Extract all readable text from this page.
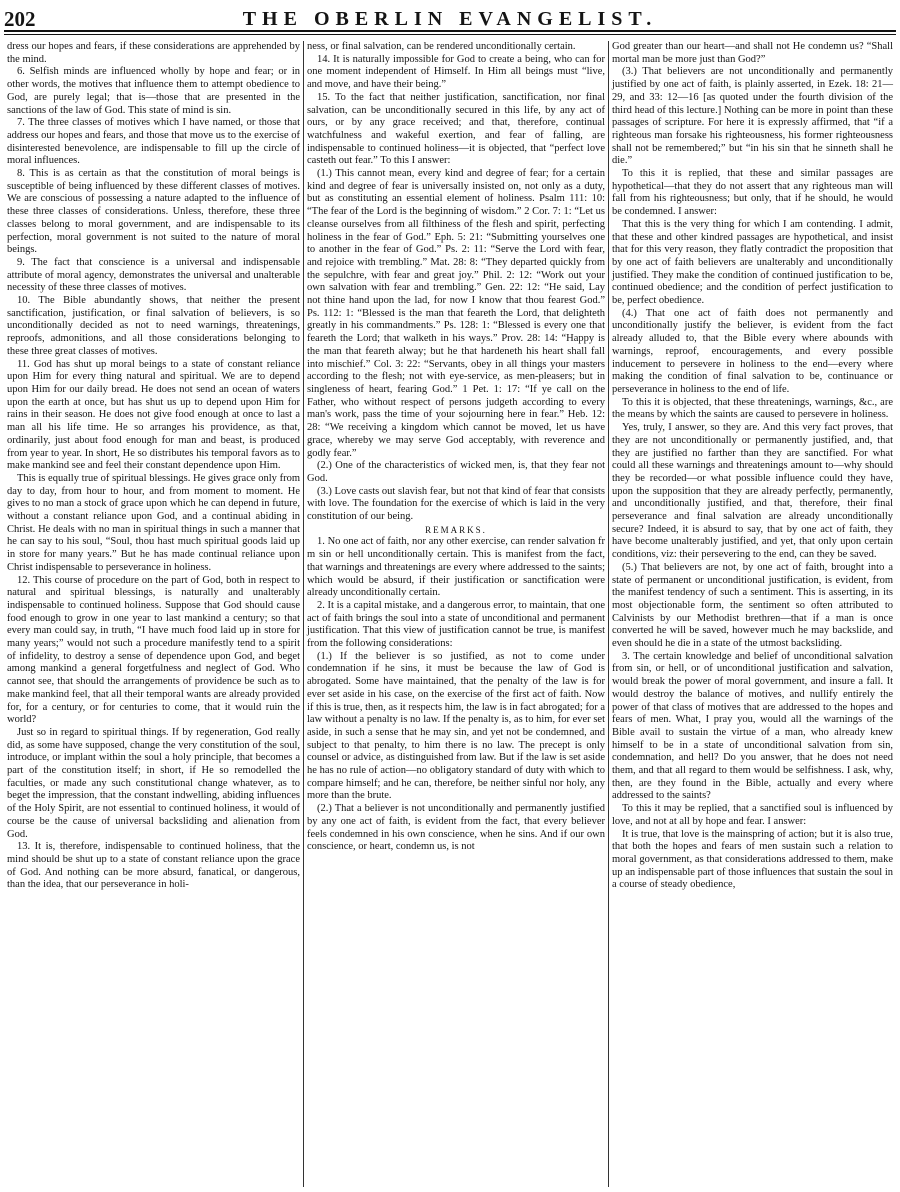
202	THE OBERLIN EVANGELIST.

dress our hopes and fears, if these considerations are apprehended by the mind.

6. Selfish minds are influenced wholly by hope and fear; or in other words, the motives that influence them to attempt obedience to God, are purely legal; that is—those that are presented in the sanctions of the law of God. This state of mind is sin.

7. The three classes of motives which I have named, or those that address our hopes and fears, and those that move us to the exercise of disinterested benevolence, are indispensable to fill up the circle of moral influences.

8. This is as certain as that the constitution of moral beings is susceptible of being influenced by these different classes of motives. We are conscious of possessing a nature adapted to the influence of these three classes of considerations. Unless, therefore, these three classes belong to moral government, and are indispensable to its perfection, moral government is not suited to the nature of moral beings.

9. The fact that conscience is a universal and indispensable attribute of moral agency, demonstrates the universal and unalterable necessity of these three classes of motives.

10. The Bible abundantly shows, that neither the present sanctification, justification, or final salvation of believers, is so unconditionally decided as not to need warnings, threatenings, reproofs, admonitions, and all those considerations belonging to these three great classes of motives.

11. God has shut up moral beings to a state of constant reliance upon Him for every thing natural and spiritual. We are to depend upon Him for our daily bread. He does not send an ocean of waters upon the earth at once, but has shut us up to depend upon Him for rains in their season. He does not give food enough at once to last a man all his life time. He so arranges his providence, as that, ordinarily, just about food enough for man and beast, is produced from year to year. In short, He so distributes his temporal favors as to make mankind see and feel their constant dependence upon Him.

This is equally true of spiritual blessings. He gives grace only from day to day, from hour to hour, and from moment to moment. He gives to no man a stock of grace upon which he can depend in future, without a constant reliance upon God, and a continual abiding in Christ. He deals with no man in spiritual things in such a manner that he can say to his soul, “Soul, thou hast much spiritual goods laid up in store for many years.” But he has made continual reliance upon Christ indispensable to perseverance in holiness.

12. This course of procedure on the part of God, both in respect to natural and spiritual blessings, is naturally and unalterably indispensable to continued holiness. Suppose that God should cause food enough to grow in one year to last mankind a century; so that every man could say, in truth, “I have much food laid up in store for many years;” would not such a procedure manifestly tend to a spirit of infidelity, to destroy a sense of dependence upon God, and beget among mankind a general forgetfulness and neglect of God. Who cannot see, that should the arrangements of providence be such as to make mankind feel, that all their temporal wants are already provided for, for a century, or for centuries to come, that it would ruin the world?

Just so in regard to spiritual things. If by regeneration, God really did, as some have supposed, change the very constitution of the soul, introduce, or implant within the soul a holy principle, that becomes a part of the constitution itself; in short, if He so remodelled the faculties, or made any such constitutional change whatever, as to beget the impression, that the constant indwelling, abiding influences of the Holy Spirit, are not essential to continued holiness, it would of course be the cause of universal backsliding and alienation from God.

13. It is, therefore, indispensable to continued holiness, that the mind should be shut up to a state of constant reliance upon the grace of God. And nothing can be more absurd, fanatical, or dangerous, than the idea, that our perseverance in holi-

ness, or final salvation, can be rendered unconditionally certain.

14. It is naturally impossible for God to create a being, who can for one moment independent of Himself. In Him all beings must “live, and move, and have their being.”

15. To the fact that neither justification, sanctification, nor final salvation, can be unconditionally secured in this life, by any act of ours, or by any grace received; and that, therefore, continual watchfulness and wakeful exertion, and fear of falling, are indispensable to continued holiness—it is objected, that “perfect love casteth out fear.” To this I answer:

(1.) This cannot mean, every kind and degree of fear; for a certain kind and degree of fear is universally insisted on, not only as a duty, but as constituting an essential element of holiness. Psalm 111: 10: “The fear of the Lord is the beginning of wisdom.” 2 Cor. 7: 1: “Let us cleanse ourselves from all filthiness of the flesh and spirit, perfecting holiness in the fear of God.” Eph. 5: 21: “Submitting yourselves one to another in the fear of God.” Ps. 2: 11: “Serve the Lord with fear, and rejoice with trembling.” Mat. 28: 8: “They departed quickly from the sepulchre, with fear and great joy.” Phil. 2: 12: “Work out your own salvation with fear and trembling.” Gen. 22: 12: “He said, Lay not thine hand upon the lad, for now I know that thou fearest God.” Ps. 112: 1: “Blessed is the man that feareth the Lord, that delighteth greatly in his commandments.” Ps. 128: 1: “Blessed is every one that feareth the Lord; that walketh in his ways.” Prov. 28: 14: “Happy is the man that feareth alway; but he that hardeneth his heart shall fall into mischief.” Col. 3: 22: “Servants, obey in all things your masters according to the flesh; not with eye-service, as men-pleasers; but in singleness of heart, fearing God.” 1 Pet. 1: 17: “If ye call on the Father, who without respect of persons judgeth according to every man's work, pass the time of your sojourning here in fear.” Heb. 12: 28: “We receiving a kingdom which cannot be moved, let us have grace, whereby we may serve God acceptably, with reverence and godly fear.”

(2.) One of the characteristics of wicked men, is, that they fear not God.

(3.) Love casts out slavish fear, but not that kind of fear that consists with love. The foundation for the exercise of which is laid in the very constitution of our being.

REMARKS.

1. No one act of faith, nor any other exercise, can render salvation fr m sin or hell unconditionally certain. This is manifest from the fact, that warnings and threatenings are every where addressed to the saints; which would be absurd, if their justification or sanctification were already unconditionally certain.

2. It is a capital mistake, and a dangerous error, to maintain, that one act of faith brings the soul into a state of unconditional and permanent justification. That this view of justification cannot be true, is manifest from the following considerations:

(1.) If the believer is so justified, as not to come under condemnation if he sins, it must be because the law of God is abrogated. Some have maintained, that the penalty of the law is for ever set aside in his case, on the exercise of the first act of faith. Now if this is true, then, as it respects him, the law is in fact abrogated; for a law without a penalty is no law. If the penalty is, as to him, for ever set aside, in such a sense that he may sin, and yet not be condemned, and subject to that penalty, to him there is no law. The precept is only counsel or advice, as distinguished from law. But if the law is set aside he has no rule of action—no obligatory standard of duty with which to compare himself; and he can, therefore, be neither sinful nor holy, any more than the brute.

(2.) That a believer is not unconditionally and permanently justified by any one act of faith, is evident from the fact, that every believer feels condemned in his own conscience, when he sins. And if our own conscience, or heart, condemn us, is not

God greater than our heart—and shall not He condemn us? “Shall mortal man be more just than God?”

(3.) That believers are not unconditionally and permanently justified by one act of faith, is plainly asserted, in Ezek. 18: 21—29, and 33: 12—16 [as quoted under the fourth division of the third head of this lecture.] Nothing can be more in point than these passages of scripture. For here it is expressly affirmed, that “if a righteous man forsake his righteousness, his former righteousness shall not be remembered;” but “in his sin that he sinneth shall he die.”

To this it is replied, that these and similar passages are hypothetical—that they do not assert that any righteous man will fall from his righteousness; but only, that if he should, he would be condemned. I answer:

That this is the very thing for which I am contending. I admit, that these and other kindred passages are hypothetical, and insist that for this very reason, they flatly contradict the proposition that by one act of faith believers are unalterably and unconditionally justified. They make the condition of continued justification to be, continued obedience; and the condition of perfect justification to be, perfect obedience.

(4.) That one act of faith does not permanently and unconditionally justify the believer, is evident from the fact already alluded to, that the Bible every where abounds with warnings, reproof, encouragements, and every possible inducement to persevere in holiness to the end—every where making the condition of final salvation to be, continuance or perseverance in holiness to the end of life.

To this it is objected, that these threatenings, warnings, &c., are the means by which the saints are caused to persevere in holiness.

Yes, truly, I answer, so they are. And this very fact proves, that they are not unconditionally or permanently justified, and, that they are justified no farther than they are sanctified. For what could all these warnings and threatenings amount to—why should they be recorded—or what possible influence could they have, upon the supposition that they are already perfectly, permanently, and unconditionally justified, and that, therefore, their final perseverance and final salvation are already unconditionally secure? Indeed, it is absurd to say, that by one act of faith, they have become unalterably justified, and yet, that only upon certain conditions, viz: their persevering to the end, can they be saved.

(5.) That believers are not, by one act of faith, brought into a state of permanent or unconditional justification, is evident, from the manifest tendency of such a sentiment. This is asserting, in its most objectionable form, the sentiment so often attributed to Calvinists by our Methodist brethren—that if a man is once converted he will be saved, however much he may backslide, and even should he die in a state of the utmost backsliding.

3. The certain knowledge and belief of unconditional salvation from sin, or hell, or of unconditional justification and salvation, would break the power of moral government, and insure a fall. It would destroy the balance of motives, and nullify entirely the power of that class of motives that are addressed to the hopes and fears of men. What, I pray you, would all the warnings of the Bible avail to sustain the virtue of a man, who already knew himself to be in a state of unconditional salvation from sin, condemnation, and hell? Do you answer, that he does not need them, and that all regard to them would be selfishness. I ask, why, then, are they found in the Bible, actually and every where addressed to the saints?

To this it may be replied, that a sanctified soul is influenced by love, and not at all by hope and fear. I answer:

It is true, that love is the mainspring of action; but it is also true, that both the hopes and fears of men sustain such a relation to moral government, as that considerations addressed to them, make up an indispensable part of those influences that sustain the soul in a course of steady obedience,
